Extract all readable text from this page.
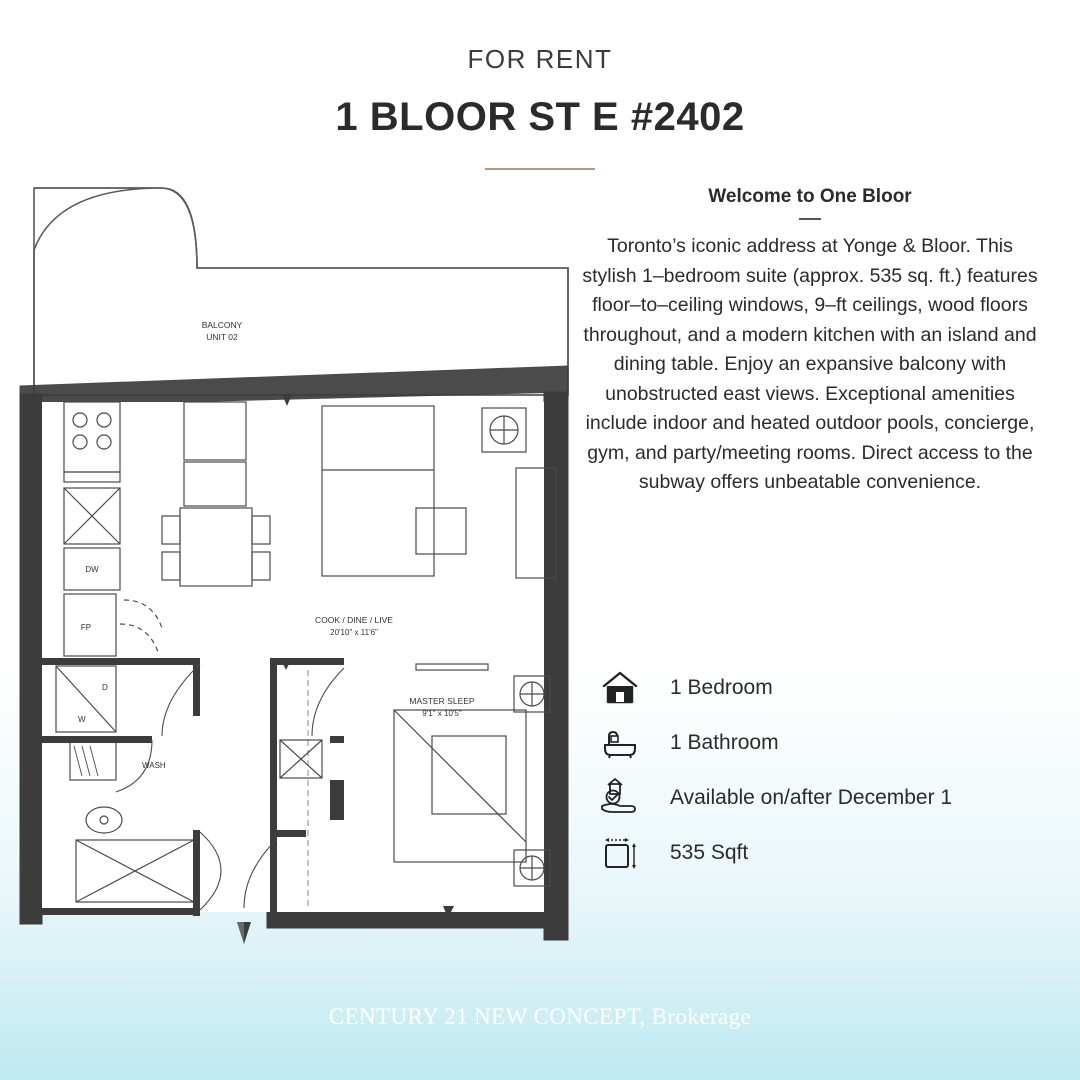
FOR RENT
1 BLOOR ST E #2402
BALCONY
UNIT 02
DW
FP
COOK / DINE / LIVE
20'10" x 11'6"
D
W
WASH
MASTER SLEEP
9'1" x 10'5"
Welcome to One Bloor
Toronto’s iconic address at Yonge & Bloor. This stylish 1–bedroom suite (approx. 535 sq. ft.) features floor–to–ceiling windows, 9–ft ceilings, wood floors throughout, and a modern kitchen with an island and dining table. Enjoy an expansive balcony with unobstructed east views. Exceptional amenities include indoor and heated outdoor pools, concierge, gym, and party/meeting rooms. Direct access to the subway offers unbeatable convenience.
1 Bedroom
1 Bathroom
Available on/after December 1
535 Sqft
CENTURY 21 NEW CONCEPT, Brokerage
